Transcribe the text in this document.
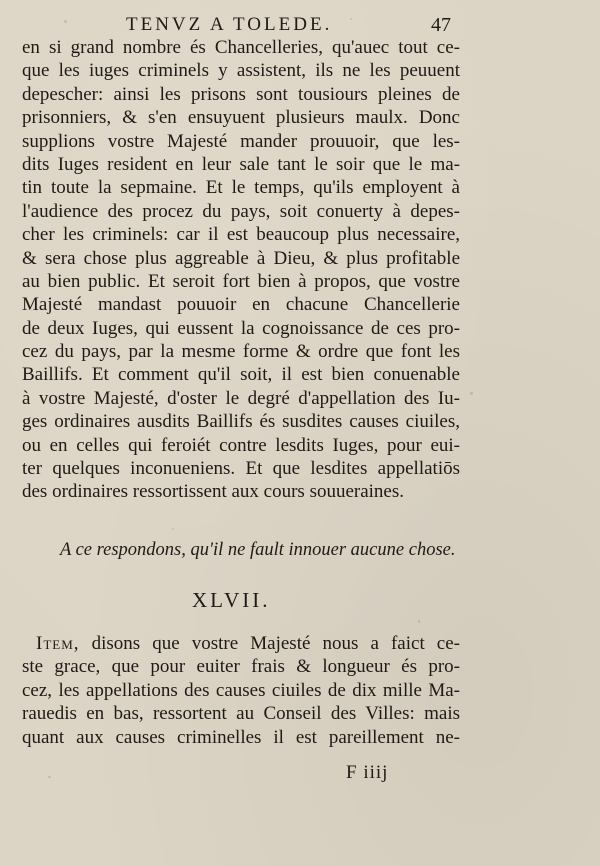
TENVZ A TOLEDE.	47
en si grand nombre és Chancelleries, qu'auec tout ce-
que les iuges criminels y assistent, ils ne les peuuent
depescher: ainsi les prisons sont tousiours pleines de
prisonniers, & s'en ensuyuent plusieurs maulx. Donc
supplions vostre Majesté mander prouuoir, que les-
dits Iuges resident en leur sale tant le soir que le ma-
tin toute la sepmaine. Et le temps, qu'ils employent à
l'audience des procez du pays, soit conuerty à depes-
cher les criminels: car il est beaucoup plus necessaire,
& sera chose plus aggreable à Dieu, & plus profitable
au bien public. Et seroit fort bien à propos, que vostre
Majesté mandast pouuoir en chacune Chancellerie
de deux Iuges, qui eussent la cognoissance de ces pro-
cez du pays, par la mesme forme & ordre que font les
Baillifs. Et comment qu'il soit, il est bien conuenable
à vostre Majesté, d'oster le degré d'appellation des Iu-
ges ordinaires ausdits Baillifs és susdites causes ciuiles,
ou en celles qui feroiét contre lesdits Iuges, pour eui-
ter quelques inconueniens. Et que lesdites appellatiōs
des ordinaires ressortissent aux cours souueraines.
A ce respondons, qu'il ne fault innouer aucune chose.
XLVII.
Item, disons que vostre Majesté nous a faict ce-
ste grace, que pour euiter frais & longueur és pro-
cez, les appellations des causes ciuiles de dix mille Ma-
rauedis en bas, ressortent au Conseil des Villes: mais
quant aux causes criminelles il est pareillement ne-
F iiij
